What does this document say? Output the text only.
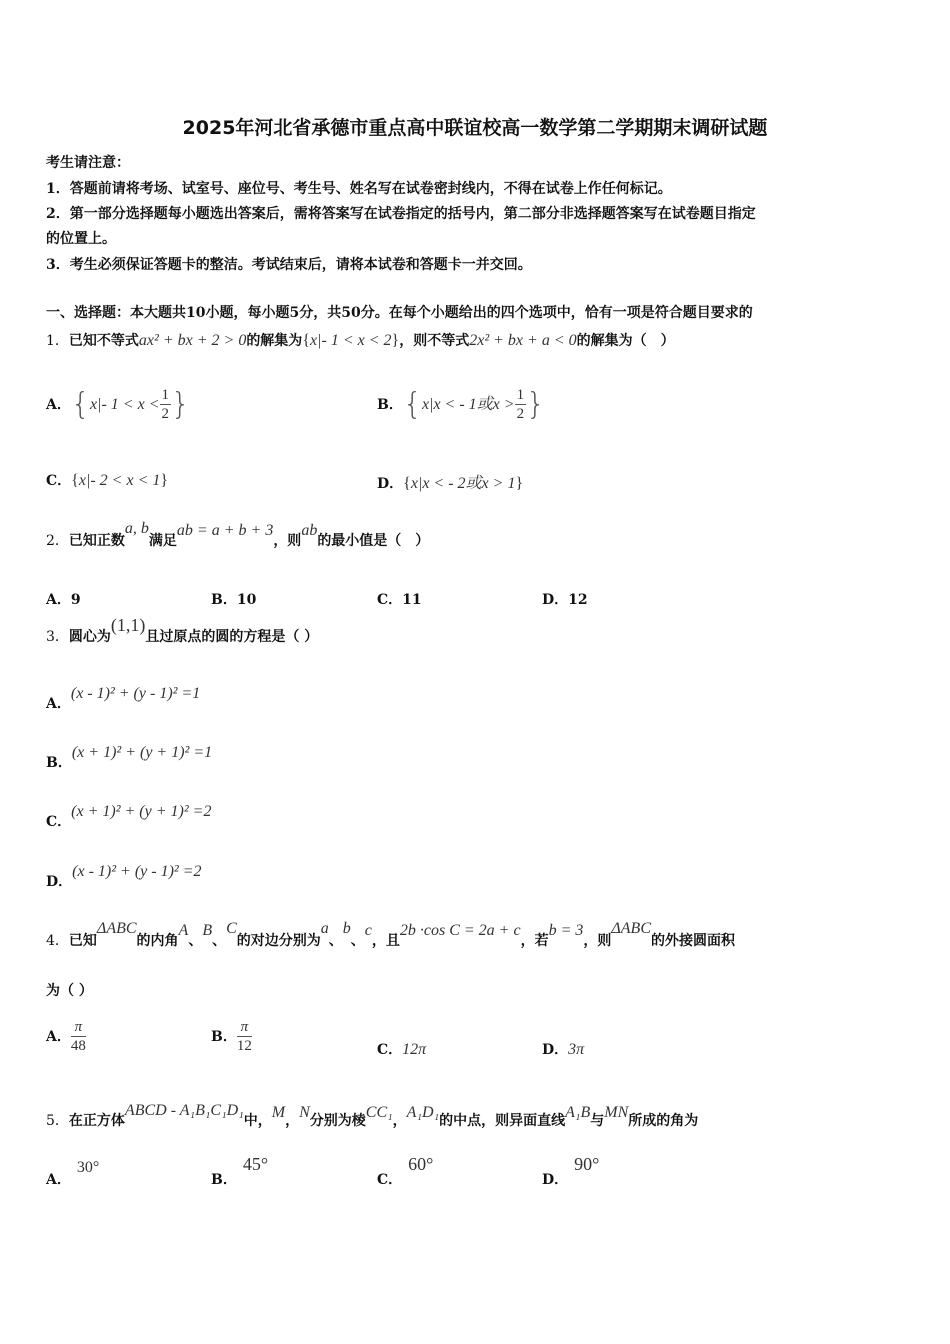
2025年河北省承德市重点高中联谊校高一数学第二学期期末调研试题
考生请注意：
1．答题前请将考场、试室号、座位号、考生号、姓名写在试卷密封线内，不得在试卷上作任何标记。
2．第一部分选择题每小题选出答案后，需将答案写在试卷指定的括号内，第二部分非选择题答案写在试卷题目指定
的位置上。
3．考生必须保证答题卡的整洁。考试结束后，请将本试卷和答题卡一并交回。
一、选择题：本大题共10小题，每小题5分，共50分。在每个小题给出的四个选项中，恰有一项是符合题目要求的
1．已知不等式ax² + bx + 2 > 0的解集为{x|- 1 < x < 2}，则不等式2x² + bx + a < 0的解集为（　）
A．{x|- $1 < x < \frac{1}{2}$ }	B．{x|x < - 1或$x > \frac{1}{2}$ }
C．{x|- 2 < x < 1}	D．{x|x < - 2或x > 1}
2．已知正数a, b满足ab = a + b + 3，则ab的最小值是（　）
A．9	B．10	C．11	D．12
3．圆心为(1,1)且过原点的圆的方程是（ ）
A．(x - 1)² + (y - 1)² =1
B．(x + 1)² + (y + 1)² =1
C．(x + 1)² + (y + 1)² =2
D．(x - 1)² + (y - 1)² =2
4．已知ΔABC的内角A、B、C的对边分别为a、b、c，且2b ·cos C = 2a + c，若b = 3，则ΔABC的外接圆面积
为（ ）
A． $\frac{\pi}{48}$	B． $\frac{\pi}{12}$	C．12π	D．3π
5．在正方体ABCD - A₁B₁C₁D₁中，M，N分别为棱CC₁，A₁D₁的中点，则异面直线A₁B与MN所成的角为
A．30°
B．45°
C．60°
D．90°
